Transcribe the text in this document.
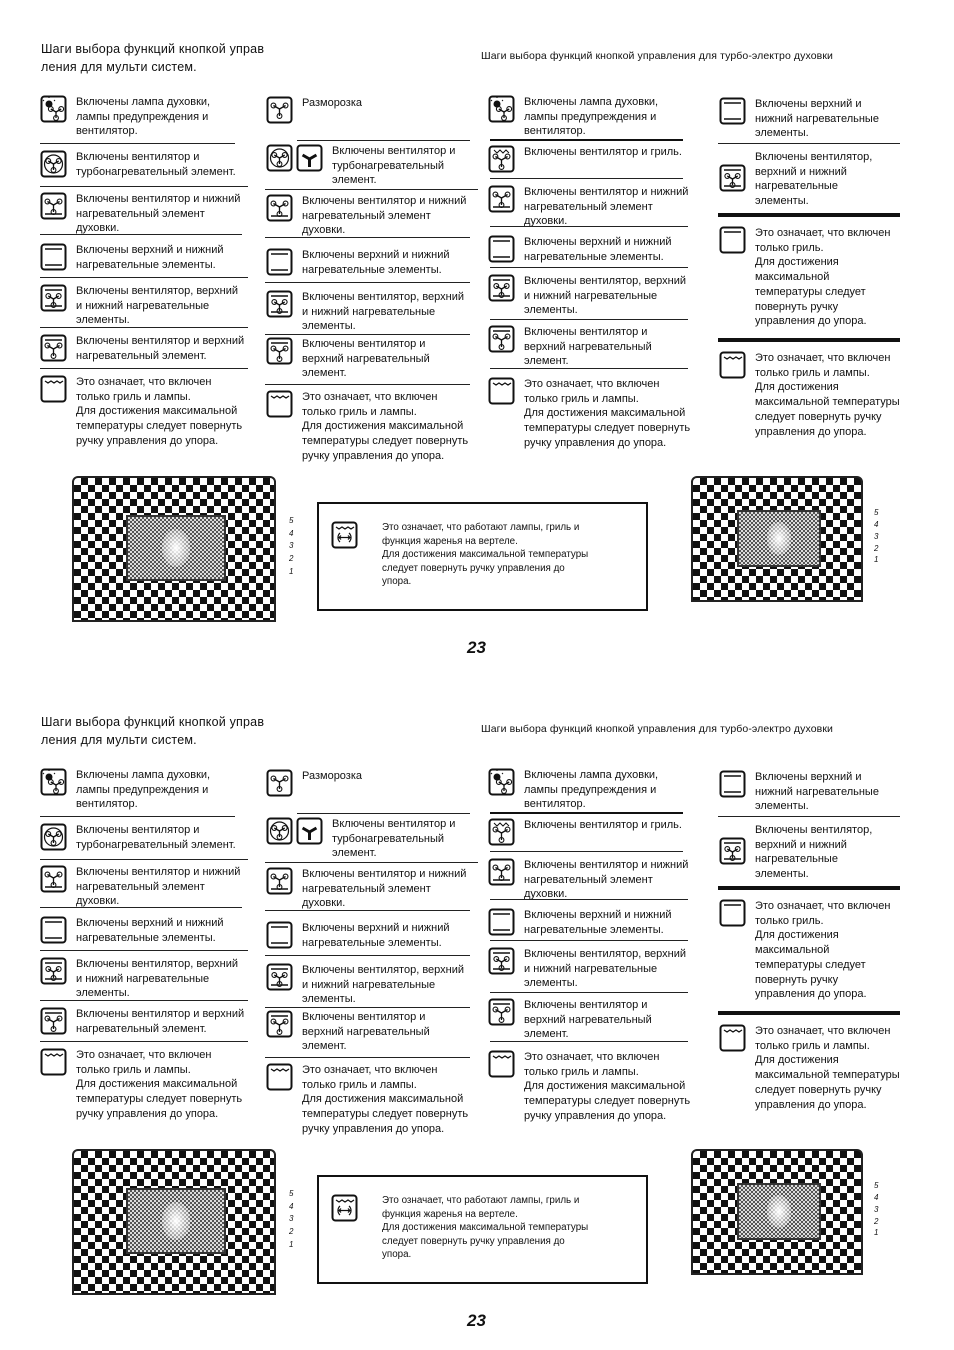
Шаги выбора функций кнопкой управ
ления для мульти систем.
Шаги выбора функций кнопкой управления для турбо-электро духовки
Включены лампа духовки,
лампы предупреждения и
вентилятор.
Включены вентилятор и
турбонагревательный элемент.
Включены вентилятор и нижний
нагревательный элемент
духовки.
Включены верхний и нижний
нагревательные элементы.
Включены вентилятор, верхний
и нижний нагревательные
элементы.
Включены вентилятор и верхний
нагревательный элемент.
Это означает, что включен
только гриль и лампы.
Для достижения максимальной
температуры следует повернуть
ручку управления до упора.
Разморозка
Включены вентилятор и
турбонагревательный
элемент.
Включены вентилятор и нижний
нагревательный элемент
духовки.
Включены верхний и нижний
нагревательные элементы.
Включены вентилятор, верхний
и нижний нагревательные
элементы.
Включены вентилятор и
верхний нагревательный
элемент.
Это означает, что включен
только гриль и лампы.
Для достижения максимальной
температуры следует повернуть
ручку управления до упора.
Включены лампа духовки,
лампы предупреждения и
вентилятор.
Включены вентилятор и гриль.
Включены вентилятор и нижний
нагревательный элемент
духовки.
Включены верхний и нижний
нагревательные элементы.
Включены вентилятор, верхний
и нижний нагревательные
элементы.
Включены вентилятор и
верхний нагревательный
элемент.
Это означает, что включен
только гриль и лампы.
Для достижения максимальной
температуры следует повернуть
ручку управления до упора.
Включены верхний и
нижний нагревательные
элементы.
Включены вентилятор,
верхний и нижний
нагревательные
элементы.
Это означает, что включен
только гриль.
Для достижения
максимальной
температуры следует
повернуть ручку
управления до упора.
Это означает, что включен
только гриль и лампы.
Для достижения
максимальной температуры
следует повернуть ручку
управления до упора.
5
4
3
2
1
5
4
3
2
1
Это означает, что работают лампы, гриль и
функция жаренья на вертеле.
Для достижения максимальной температуры
следует повернуть ручку управления до
упора.
23
Шаги выбора функций кнопкой управ
ления для мульти систем.
Шаги выбора функций кнопкой управления для турбо-электро духовки
Включены лампа духовки,
лампы предупреждения и
вентилятор.
Включены вентилятор и
турбонагревательный элемент.
Включены вентилятор и нижний
нагревательный элемент
духовки.
Включены верхний и нижний
нагревательные элементы.
Включены вентилятор, верхний
и нижний нагревательные
элементы.
Включены вентилятор и верхний
нагревательный элемент.
Это означает, что включен
только гриль и лампы.
Для достижения максимальной
температуры следует повернуть
ручку управления до упора.
Разморозка
Включены вентилятор и
турбонагревательный
элемент.
Включены вентилятор и нижний
нагревательный элемент
духовки.
Включены верхний и нижний
нагревательные элементы.
Включены вентилятор, верхний
и нижний нагревательные
элементы.
Включены вентилятор и
верхний нагревательный
элемент.
Это означает, что включен
только гриль и лампы.
Для достижения максимальной
температуры следует повернуть
ручку управления до упора.
Включены лампа духовки,
лампы предупреждения и
вентилятор.
Включены вентилятор и гриль.
Включены вентилятор и нижний
нагревательный элемент
духовки.
Включены верхний и нижний
нагревательные элементы.
Включены вентилятор, верхний
и нижний нагревательные
элементы.
Включены вентилятор и
верхний нагревательный
элемент.
Это означает, что включен
только гриль и лампы.
Для достижения максимальной
температуры следует повернуть
ручку управления до упора.
Включены верхний и
нижний нагревательные
элементы.
Включены вентилятор,
верхний и нижний
нагревательные
элементы.
Это означает, что включен
только гриль.
Для достижения
максимальной
температуры следует
повернуть ручку
управления до упора.
Это означает, что включен
только гриль и лампы.
Для достижения
максимальной температуры
следует повернуть ручку
управления до упора.
5
4
3
2
1
5
4
3
2
1
Это означает, что работают лампы, гриль и
функция жаренья на вертеле.
Для достижения максимальной температуры
следует повернуть ручку управления до
упора.
23
